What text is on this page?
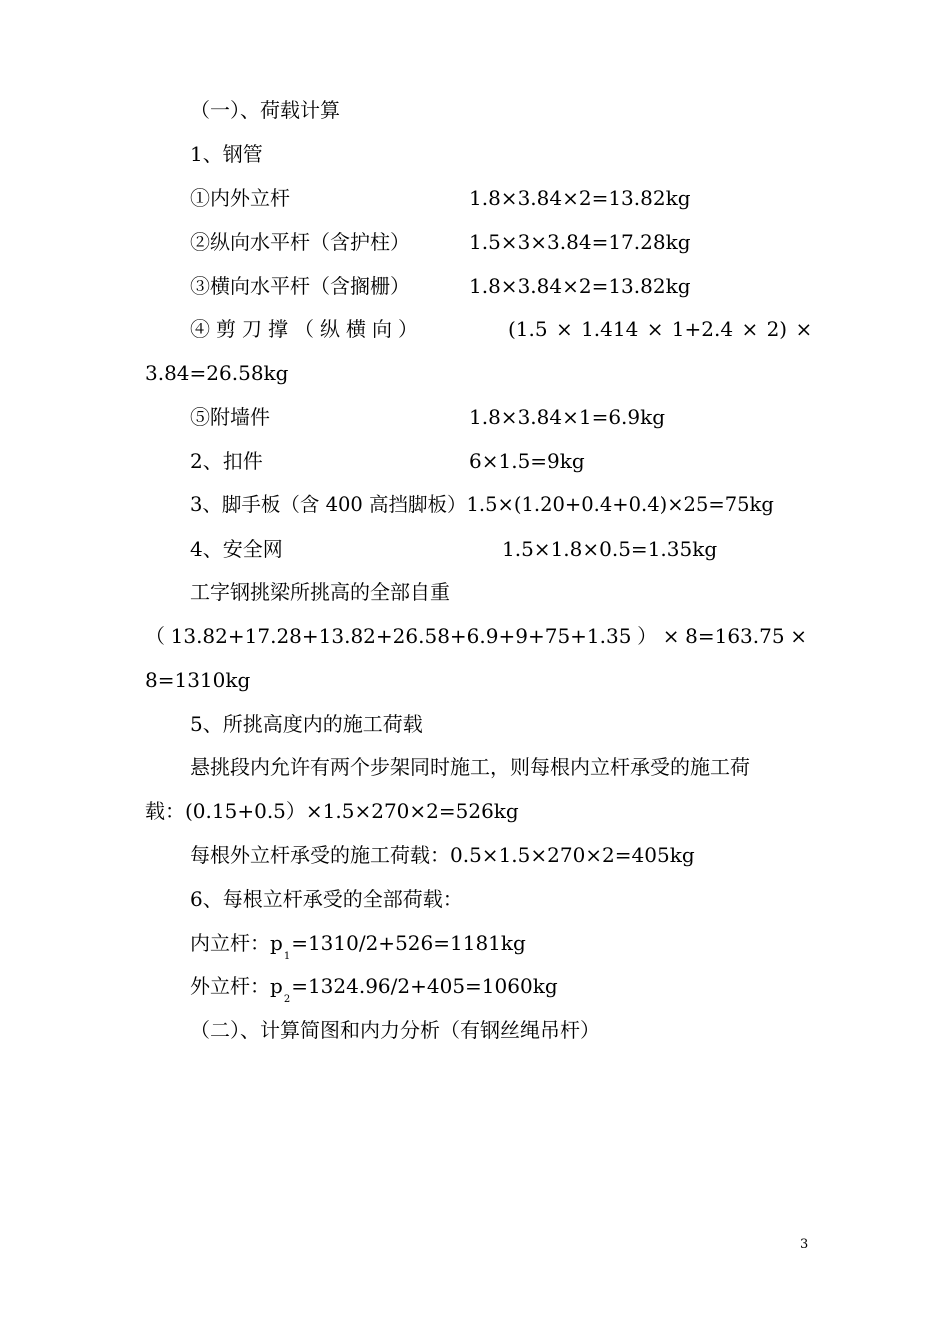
（一）、荷载计算
1、钢管
①内外立杆	1.8×3.84×2=13.82kg
②纵向水平杆（含护柱）	1.5×3×3.84=17.28kg
③横向水平杆（含搁栅）	1.8×3.84×2=13.82kg
④剪刀撑（纵横向）	(1.5 × 1.414 × 1+2.4 × 2) ×
3.84=26.58kg
⑤附墙件	1.8×3.84×1=6.9kg
2、扣件	6×1.5=9kg
3、脚手板（含 400 高挡脚板）1.5×(1.20+0.4+0.4)×25=75kg
4、安全网	1.5×1.8×0.5=1.35kg
工字钢挑梁所挑高的全部自重
（ 13.82+17.28+13.82+26.58+6.9+9+75+1.35 ） × 8=163.75 ×
8=1310kg
5、所挑高度内的施工荷载
悬挑段内允许有两个步架同时施工，则每根内立杆承受的施工荷
载：(0.15+0.5）×1.5×270×2=526kg
每根外立杆承受的施工荷载：0.5×1.5×270×2=405kg
6、每根立杆承受的全部荷载：
内立杆：$p_1=1310/2+526=1181kg$
外立杆：$p_2=1324.96/2+405=1060kg$
（二）、计算简图和内力分析（有钢丝绳吊杆）
3
